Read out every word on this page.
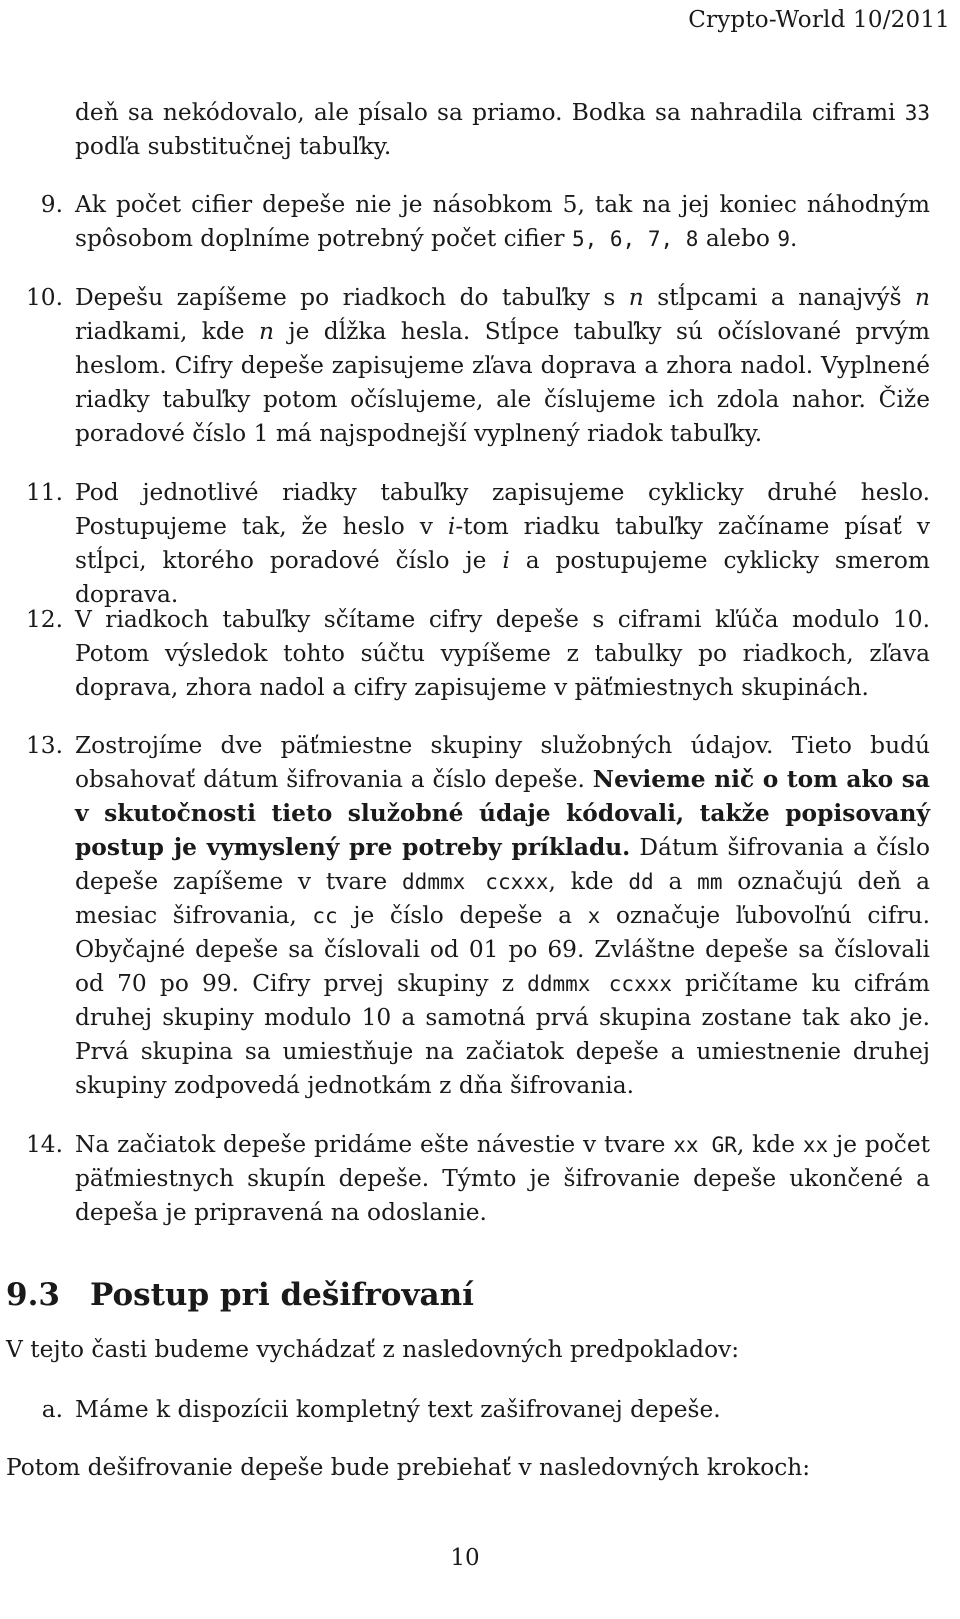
Crypto-World 10/2011

deň sa nekódovalo, ale písalo sa priamo. Bodka sa nahradila ciframi 33 podľa substitučnej tabuľky.

9. Ak počet cifier depeše nie je násobkom 5, tak na jej koniec náhodným spôsobom doplníme potrebný počet cifier 5, 6, 7, 8 alebo 9.

10. Depešu zapíšeme po riadkoch do tabuľky s n stĺpcami a nanajvýš n riadkami, kde n je dĺžka hesla. Stĺpce tabuľky sú očíslované prvým heslom. Cifry depeše zapisujeme zľava doprava a zhora nadol. Vyplnené riadky tabuľky potom očíslujeme, ale číslujeme ich zdola nahor. Čiže poradové číslo 1 má najspodnejší vyplnený riadok tabuľky.

11. Pod jednotlivé riadky tabuľky zapisujeme cyklicky druhé heslo. Postupujeme tak, že heslo v i-tom riadku tabuľky začíname písať v stĺpci, ktorého poradové číslo je i a postupujeme cyklicky smerom doprava.

12. V riadkoch tabuľky sčítame cifry depeše s ciframi kľúča modulo 10. Potom výsledok tohto súčtu vypíšeme z tabulky po riadkoch, zľava doprava, zhora nadol a cifry zapisujeme v päťmiestnych skupinách.

13. Zostrojíme dve päťmiestne skupiny služobných údajov. Tieto budú obsahovať dátum šifrovania a číslo depeše. Nevieme nič o tom ako sa v skutočnosti tieto služobné údaje kódovali, takže popisovaný postup je vymyslený pre potreby príkladu. Dátum šifrovania a číslo depeše zapíšeme v tvare ddmmx ccxxx, kde dd a mm označujú deň a mesiac šifrovania, cc je číslo depeše a x označuje ľubovoľnú cifru. Obyčajné depeše sa číslovali od 01 po 69. Zvláštne depeše sa číslovali od 70 po 99. Cifry prvej skupiny z ddmmx ccxxx pričítame ku cifrám druhej skupiny modulo 10 a samotná prvá skupina zostane tak ako je. Prvá skupina sa umiestňuje na začiatok depeše a umiestnenie druhej skupiny zodpovedá jednotkám z dňa šifrovania.

14. Na začiatok depeše pridáme ešte návestie v tvare xx GR, kde xx je počet päťmiestnych skupín depeše. Týmto je šifrovanie depeše ukončené a depeša je pripravená na odoslanie.

9.3 Postup pri dešifrovaní

V tejto časti budeme vychádzať z nasledovných predpokladov:

a. Máme k dispozícii kompletný text zašifrovanej depeše.

Potom dešifrovanie depeše bude prebiehať v nasledovných krokoch:

10
